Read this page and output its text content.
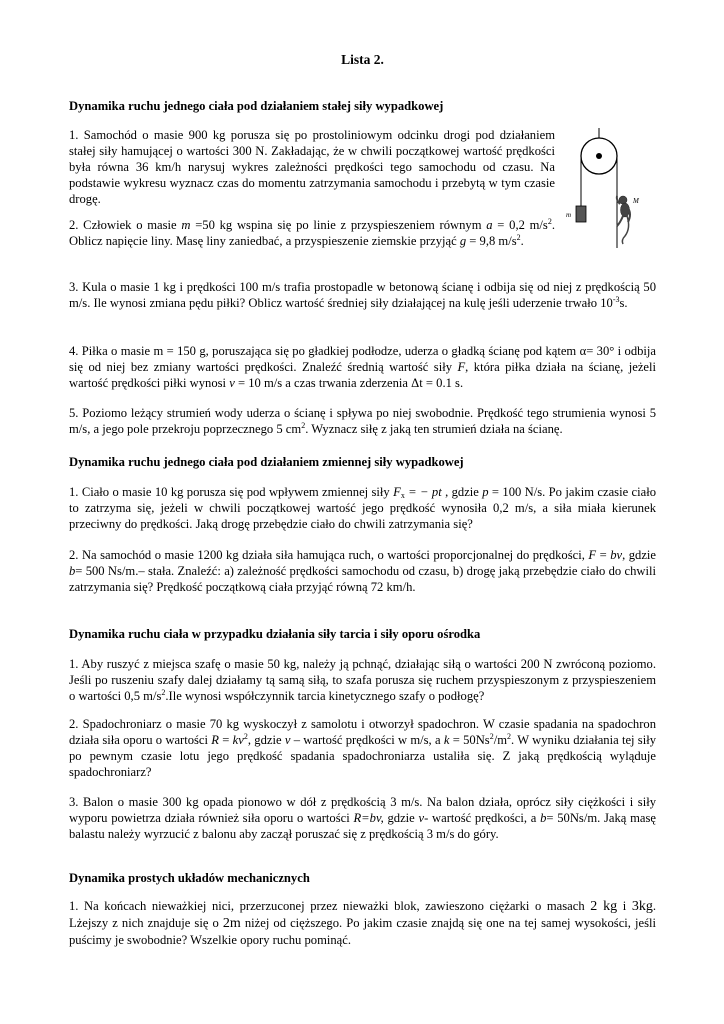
Lista 2.
Dynamika ruchu jednego ciała pod działaniem stałej siły wypadkowej
1. Samochód o masie 900 kg porusza się po prostoliniowym odcinku drogi pod działaniem stałej siły hamującej o wartości 300 N. Zakładając, że w chwili początkowej wartość prędkości była równa 36 km/h narysuj wykres zależności prędkości tego samochodu od czasu. Na podstawie wykresu wyznacz czas do momentu zatrzymania samochodu i przebytą w tym czasie drogę.
2. Człowiek o masie m =50 kg wspina się po linie z przyspieszeniem równym a = 0,2 $m/s^2$. Oblicz napięcie liny. Masę liny zaniedbać, a przyspieszenie ziemskie przyjąć g = 9,8 $m/s^2$.
3. Kula o masie 1 kg i prędkości 100 m/s trafia prostopadle w betonową ścianę i odbija się od niej z prędkością 50 m/s. Ile wynosi zmiana pędu piłki? Oblicz wartość średniej siły działającej na kulę jeśli uderzenie trwało $10^{-3}s$.
4. Piłka o masie m = 150 g, poruszająca się po gładkiej podłodze, uderza o gładką ścianę pod kątem α= 30° i odbija się od niej bez zmiany wartości prędkości. Znaleźć średnią wartość siły F, która piłka działa na ścianę, jeżeli wartość prędkości piłki wynosi v = 10 m/s a czas trwania zderzenia Δt = 0.1 s.
5. Poziomo leżący strumień wody uderza o ścianę i spływa po niej swobodnie. Prędkość tego strumienia wynosi 5 m/s, a jego pole przekroju poprzecznego 5 $cm^2$. Wyznacz siłę z jaką ten strumień działa na ścianę.
Dynamika ruchu jednego ciała pod działaniem zmiennej siły wypadkowej
1. Ciało o masie 10 kg porusza się pod wpływem zmiennej siły $F_x$ = − pt , gdzie p = 100 N/s. Po jakim czasie ciało to zatrzyma się, jeżeli w chwili początkowej wartość jego prędkość wynosiła 0,2 m/s, a siła miała kierunek przeciwny do prędkości. Jaką drogę przebędzie ciało do chwili zatrzymania się?
2. Na samochód o masie 1200 kg działa siła hamująca ruch, o wartości proporcjonalnej do prędkości, F = bv, gdzie b= 500 Ns/m.– stała. Znaleźć: a) zależność prędkości samochodu od czasu, b) drogę jaką przebędzie ciało do chwili zatrzymania się? Prędkość początkową ciała przyjąć równą 72 km/h.
Dynamika ruchu ciała w przypadku działania siły tarcia i siły oporu ośrodka
1. Aby ruszyć z miejsca szafę o masie 50 kg, należy ją pchnąć, działając siłą o wartości 200 N zwróconą poziomo. Jeśli po ruszeniu szafy dalej działamy tą samą siłą, to szafa porusza się ruchem przyspieszonym z przyspieszeniem o wartości 0,5 $m/s^2.Ile$ wynosi współczynnik tarcia kinetycznego szafy o podłogę?
2. Spadochroniarz o masie 70 kg wyskoczył z samolotu i otworzył spadochron. W czasie spadania na spadochron działa siła oporu o wartości $R = kv^2$, gdzie v – wartość prędkości w m/s, a $k = 50Ns^2/m^2$. W wyniku działania tej siły po pewnym czasie lotu jego prędkość spadania spadochroniarza ustaliła się. Z jaką prędkością wyląduje spadochroniarz?
3. Balon o masie 300 kg opada pionowo w dół z prędkością 3 m/s. Na balon działa, oprócz siły ciężkości i siły wyporu powietrza działa również siła oporu o wartości R=bv, gdzie v- wartość prędkości, a b= 50Ns/m. Jaką masę balastu należy wyrzucić z balonu aby zaczął poruszać się z prędkością 3 m/s do góry.
Dynamika prostych układów mechanicznych
1. Na końcach nieważkiej nici, przerzuconej przez nieważki blok, zawieszono ciężarki o masach 2 kg i 3kg. Lżejszy z nich znajduje się o 2m niżej od cięższego. Po jakim czasie znajdą się one na tej samej wysokości, jeśli puścimy je swobodnie? Wszelkie opory ruchu pominąć.
m
M
